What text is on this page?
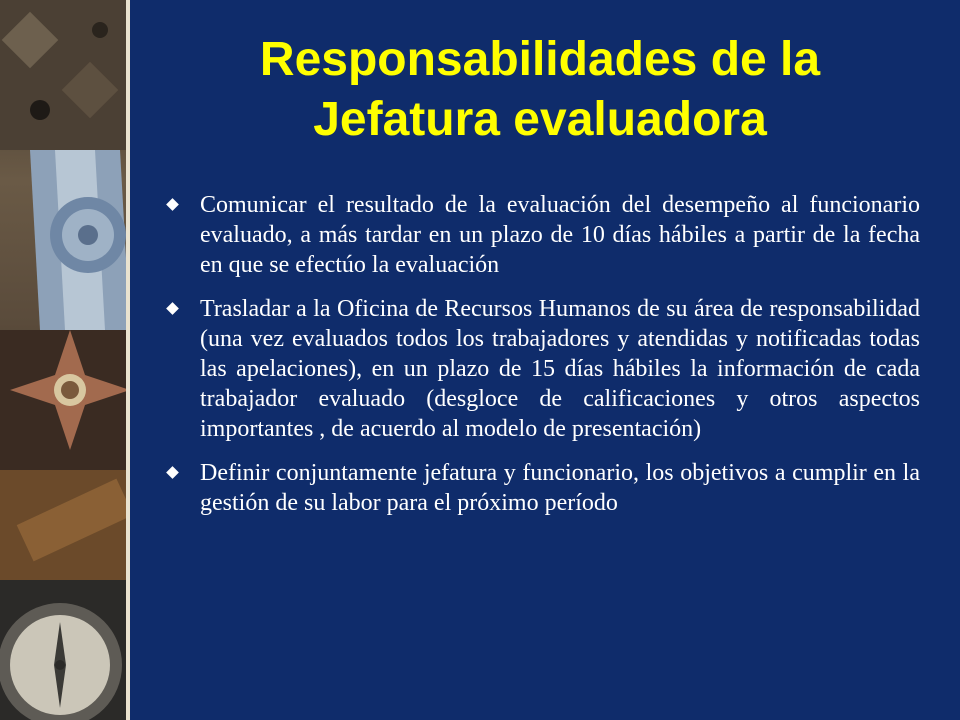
Responsabilidades de la
Jefatura evaluadora
Comunicar el resultado de la evaluación del desempeño al funcionario evaluado, a más tardar en un plazo de 10 días hábiles a partir de la fecha en que se efectúo la evaluación
Trasladar a la Oficina de Recursos Humanos de su área de responsabilidad (una vez evaluados todos los trabajadores y atendidas y notificadas todas las apelaciones), en un plazo de 15 días hábiles la información de cada trabajador evaluado (desgloce de calificaciones y otros aspectos importantes , de acuerdo al modelo de presentación)
Definir conjuntamente jefatura y funcionario, los objetivos a cumplir en la gestión de su labor para el próximo período
